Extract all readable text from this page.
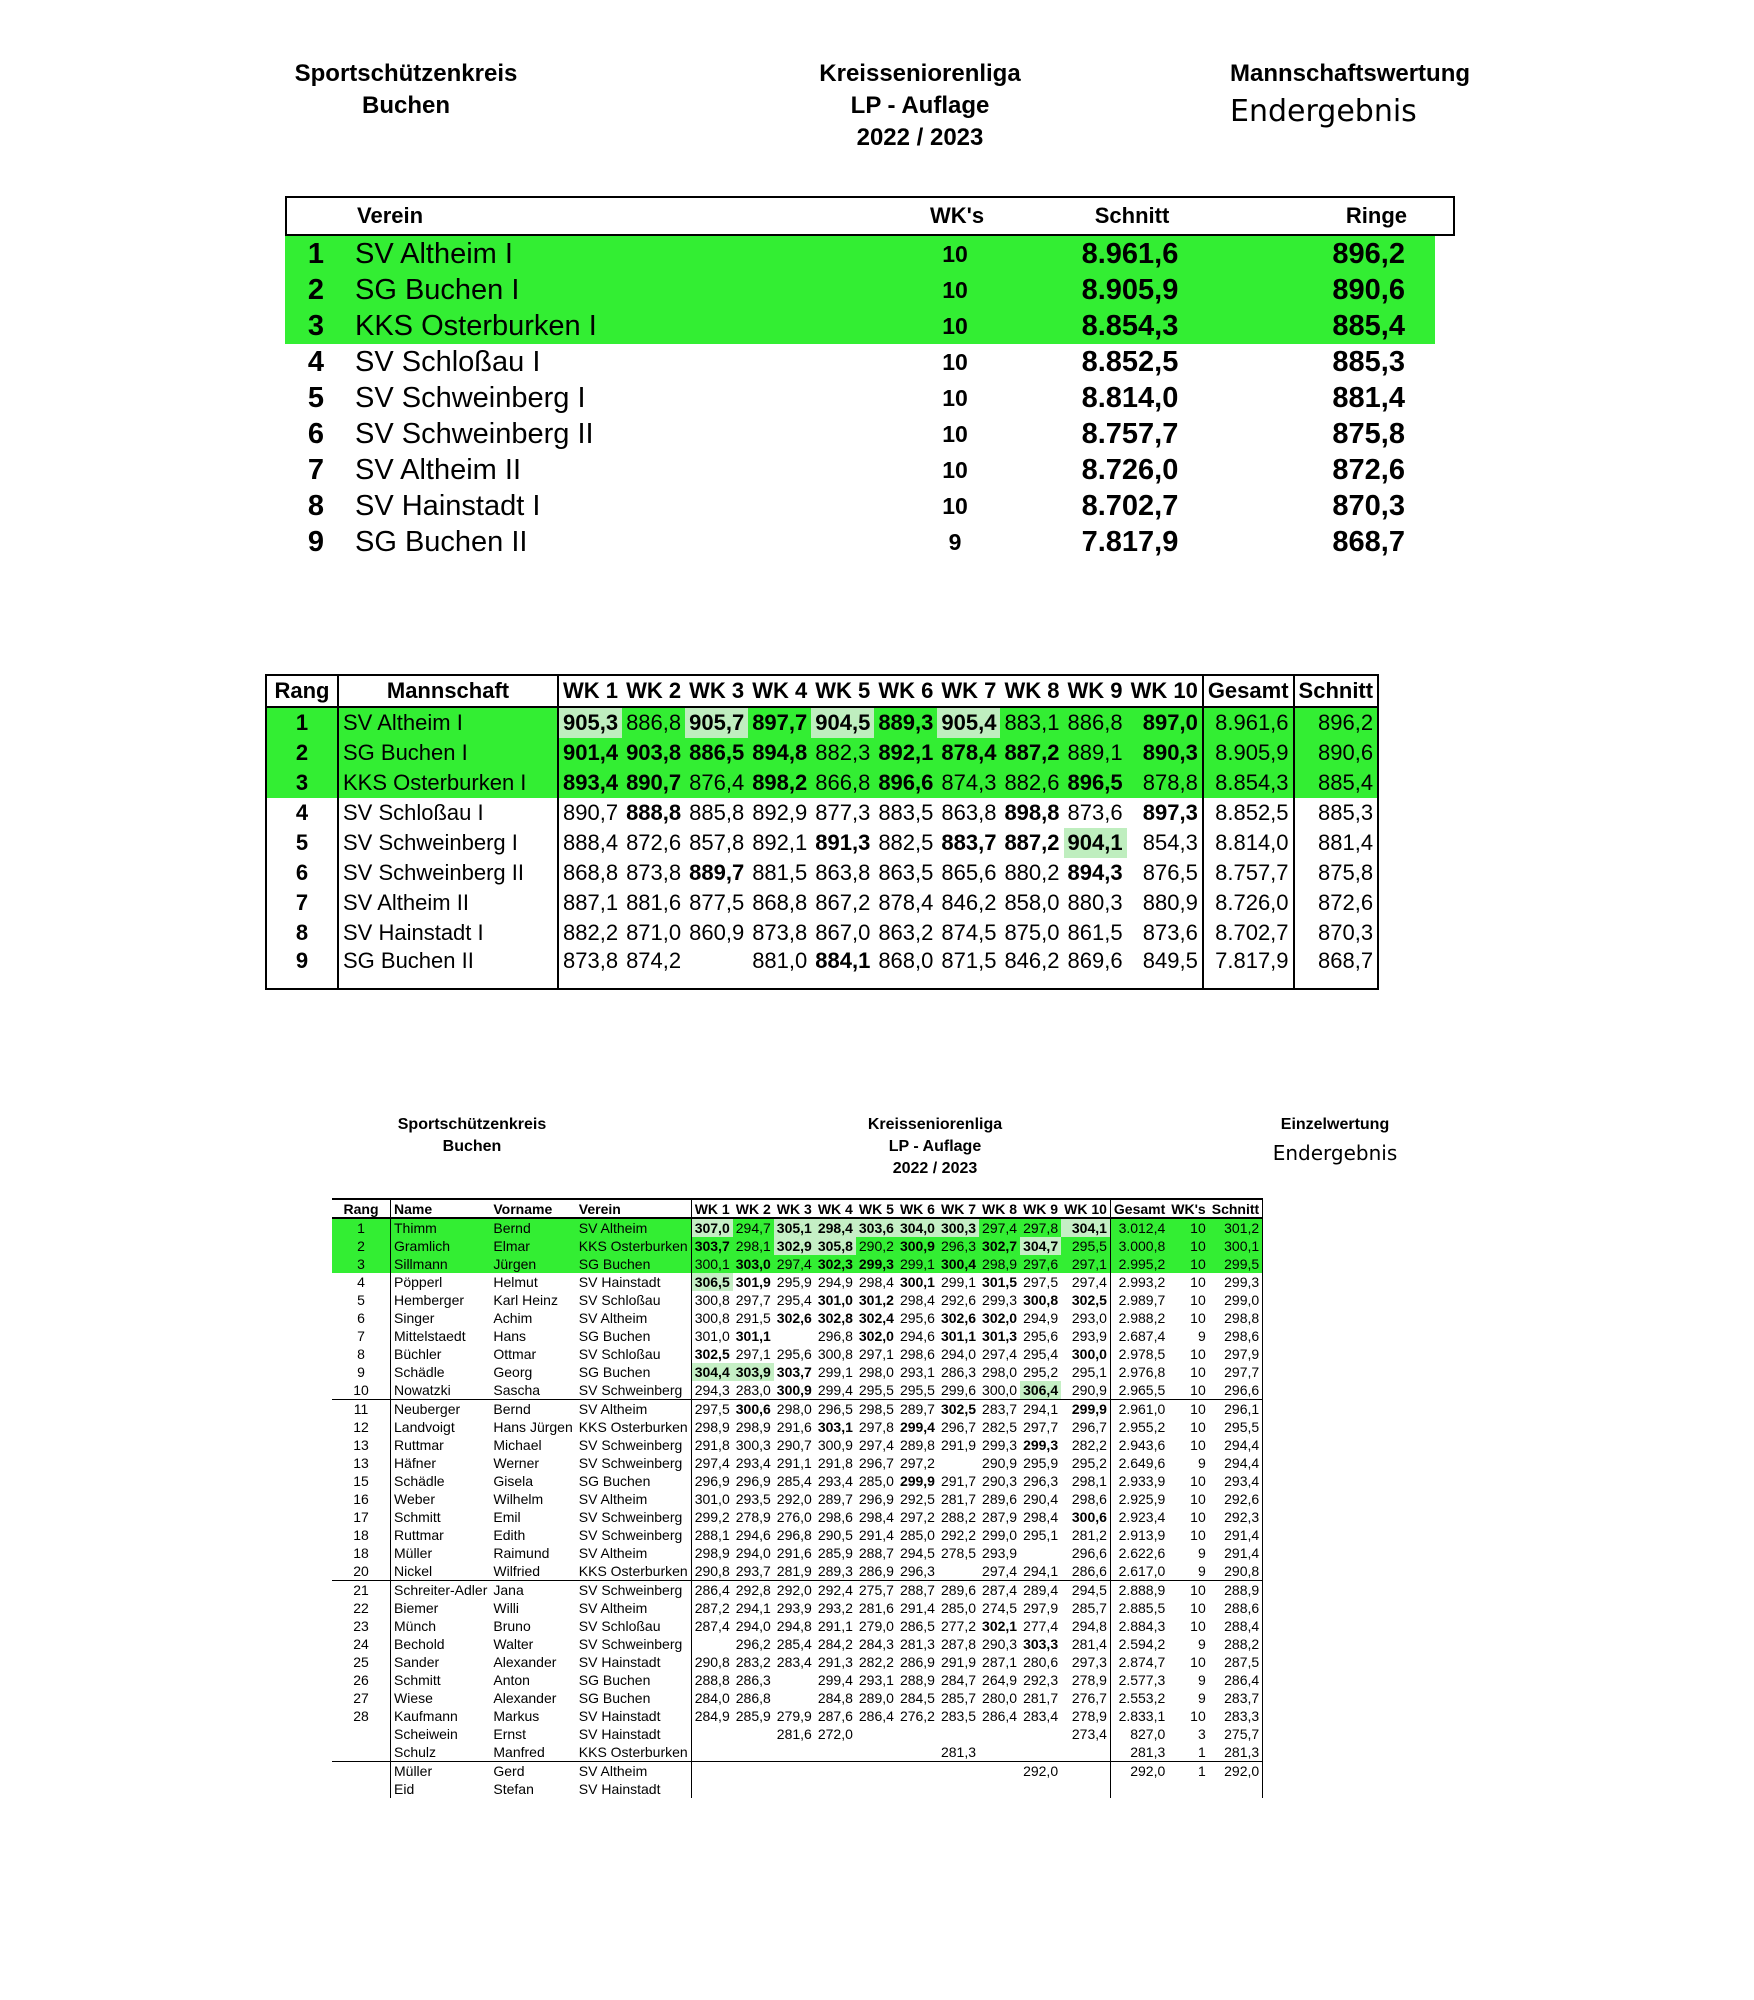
Sportschützenkreis
Buchen
Kreisseniorenliga
LP - Auflage
2022 / 2023
Mannschaftswertung
Endergebnis
Verein	WK's	Schnitt	Ringe
1	SV Altheim I	10	8.961,6	896,2
2	SG Buchen I	10	8.905,9	890,6
3	KKS Osterburken I	10	8.854,3	885,4
4	SV Schloßau I	10	8.852,5	885,3
5	SV Schweinberg I	10	8.814,0	881,4
6	SV Schweinberg II	10	8.757,7	875,8
7	SV Altheim II	10	8.726,0	872,6
8	SV Hainstadt I	10	8.702,7	870,3
9	SG Buchen II	9	7.817,9	868,7
Rang	Mannschaft	WK 1	WK 2	WK 3	WK 4	WK 5	WK 6	WK 7	WK 8	WK 9	WK 10	Gesamt	Schnitt
1	SV Altheim I	905,3	886,8	905,7	897,7	904,5	889,3	905,4	883,1	886,8	897,0	8.961,6	896,2
2	SG Buchen I	901,4	903,8	886,5	894,8	882,3	892,1	878,4	887,2	889,1	890,3	8.905,9	890,6
3	KKS Osterburken I	893,4	890,7	876,4	898,2	866,8	896,6	874,3	882,6	896,5	878,8	8.854,3	885,4
4	SV Schloßau I	890,7	888,8	885,8	892,9	877,3	883,5	863,8	898,8	873,6	897,3	8.852,5	885,3
5	SV Schweinberg I	888,4	872,6	857,8	892,1	891,3	882,5	883,7	887,2	904,1	854,3	8.814,0	881,4
6	SV Schweinberg II	868,8	873,8	889,7	881,5	863,8	863,5	865,6	880,2	894,3	876,5	8.757,7	875,8
7	SV Altheim II	887,1	881,6	877,5	868,8	867,2	878,4	846,2	858,0	880,3	880,9	8.726,0	872,6
8	SV Hainstadt I	882,2	871,0	860,9	873,8	867,0	863,2	874,5	875,0	861,5	873,6	8.702,7	870,3
9	SG Buchen II	873,8	874,2		881,0	884,1	868,0	871,5	846,2	869,6	849,5	7.817,9	868,7
Sportschützenkreis
Buchen
Kreisseniorenliga
LP - Auflage
2022 / 2023
Einzelwertung
Endergebnis
Rang	Name	Vorname	Verein	WK 1	WK 2	WK 3	WK 4	WK 5	WK 6	WK 7	WK 8	WK 9	WK 10	Gesamt	WK's	Schnitt
1	Thimm	Bernd	SV Altheim	307,0	294,7	305,1	298,4	303,6	304,0	300,3	297,4	297,8	304,1	3.012,4	10	301,2
2	Gramlich	Elmar	KKS Osterburken	303,7	298,1	302,9	305,8	290,2	300,9	296,3	302,7	304,7	295,5	3.000,8	10	300,1
3	Sillmann	Jürgen	SG Buchen	300,1	303,0	297,4	302,3	299,3	299,1	300,4	298,9	297,6	297,1	2.995,2	10	299,5
4	Pöpperl	Helmut	SV Hainstadt	306,5	301,9	295,9	294,9	298,4	300,1	299,1	301,5	297,5	297,4	2.993,2	10	299,3
5	Hemberger	Karl Heinz	SV Schloßau	300,8	297,7	295,4	301,0	301,2	298,4	292,6	299,3	300,8	302,5	2.989,7	10	299,0
6	Singer	Achim	SV Altheim	300,8	291,5	302,6	302,8	302,4	295,6	302,6	302,0	294,9	293,0	2.988,2	10	298,8
7	Mittelstaedt	Hans	SG Buchen	301,0	301,1		296,8	302,0	294,6	301,1	301,3	295,6	293,9	2.687,4	9	298,6
8	Büchler	Ottmar	SV Schloßau	302,5	297,1	295,6	300,8	297,1	298,6	294,0	297,4	295,4	300,0	2.978,5	10	297,9
9	Schädle	Georg	SG Buchen	304,4	303,9	303,7	299,1	298,0	293,1	286,3	298,0	295,2	295,1	2.976,8	10	297,7
10	Nowatzki	Sascha	SV Schweinberg	294,3	283,0	300,9	299,4	295,5	295,5	299,6	300,0	306,4	290,9	2.965,5	10	296,6
11	Neuberger	Bernd	SV Altheim	297,5	300,6	298,0	296,5	298,5	289,7	302,5	283,7	294,1	299,9	2.961,0	10	296,1
12	Landvoigt	Hans Jürgen	KKS Osterburken	298,9	298,9	291,6	303,1	297,8	299,4	296,7	282,5	297,7	296,7	2.955,2	10	295,5
13	Ruttmar	Michael	SV Schweinberg	291,8	300,3	290,7	300,9	297,4	289,8	291,9	299,3	299,3	282,2	2.943,6	10	294,4
13	Häfner	Werner	SV Schweinberg	297,4	293,4	291,1	291,8	296,7	297,2		290,9	295,9	295,2	2.649,6	9	294,4
15	Schädle	Gisela	SG Buchen	296,9	296,9	285,4	293,4	285,0	299,9	291,7	290,3	296,3	298,1	2.933,9	10	293,4
16	Weber	Wilhelm	SV Altheim	301,0	293,5	292,0	289,7	296,9	292,5	281,7	289,6	290,4	298,6	2.925,9	10	292,6
17	Schmitt	Emil	SV Schweinberg	299,2	278,9	276,0	298,6	298,4	297,2	288,2	287,9	298,4	300,6	2.923,4	10	292,3
18	Ruttmar	Edith	SV Schweinberg	288,1	294,6	296,8	290,5	291,4	285,0	292,2	299,0	295,1	281,2	2.913,9	10	291,4
18	Müller	Raimund	SV Altheim	298,9	294,0	291,6	285,9	288,7	294,5	278,5	293,9		296,6	2.622,6	9	291,4
20	Nickel	Wilfried	KKS Osterburken	290,8	293,7	281,9	289,3	286,9	296,3		297,4	294,1	286,6	2.617,0	9	290,8
21	Schreiter-Adler	Jana	SV Schweinberg	286,4	292,8	292,0	292,4	275,7	288,7	289,6	287,4	289,4	294,5	2.888,9	10	288,9
22	Biemer	Willi	SV Altheim	287,2	294,1	293,9	293,2	281,6	291,4	285,0	274,5	297,9	285,7	2.885,5	10	288,6
23	Münch	Bruno	SV Schloßau	287,4	294,0	294,8	291,1	279,0	286,5	277,2	302,1	277,4	294,8	2.884,3	10	288,4
24	Bechold	Walter	SV Schweinberg		296,2	285,4	284,2	284,3	281,3	287,8	290,3	303,3	281,4	2.594,2	9	288,2
25	Sander	Alexander	SV Hainstadt	290,8	283,2	283,4	291,3	282,2	286,9	291,9	287,1	280,6	297,3	2.874,7	10	287,5
26	Schmitt	Anton	SG Buchen	288,8	286,3		299,4	293,1	288,9	284,7	264,9	292,3	278,9	2.577,3	9	286,4
27	Wiese	Alexander	SG Buchen	284,0	286,8		284,8	289,0	284,5	285,7	280,0	281,7	276,7	2.553,2	9	283,7
28	Kaufmann	Markus	SV Hainstadt	284,9	285,9	279,9	287,6	286,4	276,2	283,5	286,4	283,4	278,9	2.833,1	10	283,3
	Scheiwein	Ernst	SV Hainstadt			281,6	272,0						273,4	827,0	3	275,7
	Schulz	Manfred	KKS Osterburken							281,3				281,3	1	281,3
	Müller	Gerd	SV Altheim									292,0		292,0	1	292,0
	Eid	Stefan	SV Hainstadt													
